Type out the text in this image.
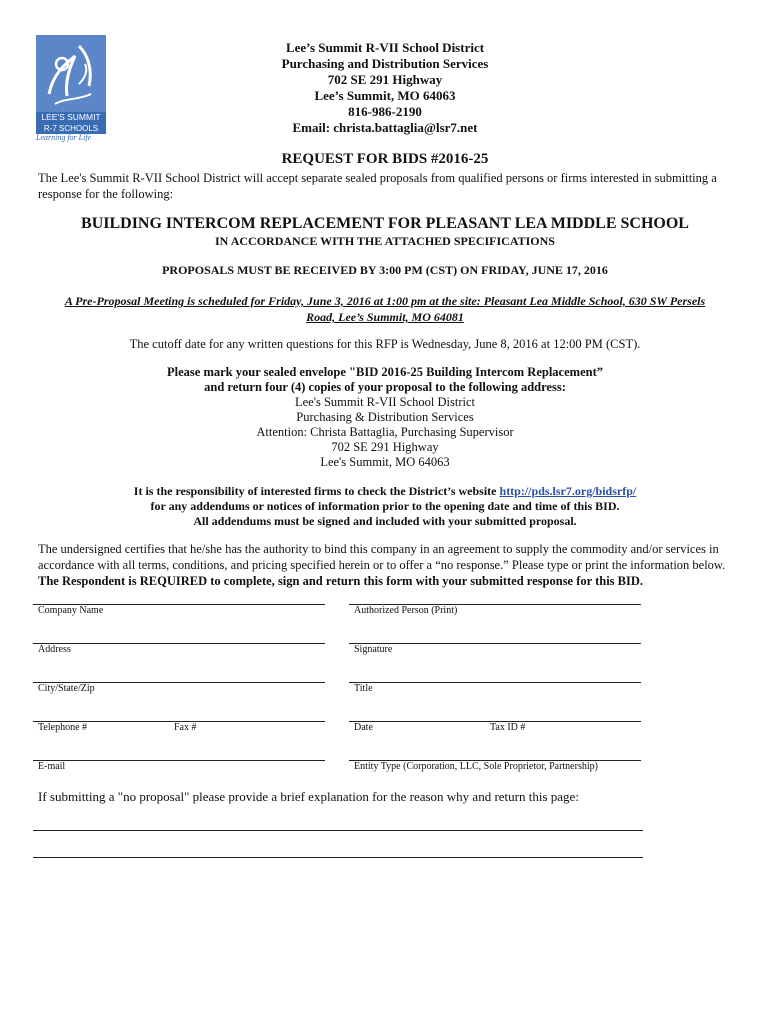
LEE'S SUMMIT
R-7 SCHOOLS
Learning for Life
Lee’s Summit R-VII School District
Purchasing and Distribution Services
702 SE 291 Highway
Lee’s Summit, MO 64063
816-986-2190
Email: christa.battaglia@lsr7.net
REQUEST FOR BIDS #2016-25
The Lee's Summit R-VII School District will accept separate sealed proposals from qualified persons or firms interested in submitting a response for the following:
BUILDING INTERCOM REPLACEMENT FOR PLEASANT LEA MIDDLE SCHOOL
IN ACCORDANCE WITH THE ATTACHED SPECIFICATIONS
PROPOSALS MUST BE RECEIVED BY 3:00 PM (CST) ON FRIDAY, JUNE 17, 2016
A Pre-Proposal Meeting is scheduled for Friday, June 3, 2016 at 1:00 pm at the site: Pleasant Lea Middle School, 630 SW Persels
Road, Lee’s Summit, MO 64081
The cutoff date for any written questions for this RFP is Wednesday, June 8, 2016 at 12:00 PM (CST).
Please mark your sealed envelope "BID 2016-25 Building Intercom Replacement”
and return four (4) copies of your proposal to the following address:
Lee's Summit R-VII School District
Purchasing & Distribution Services
Attention: Christa Battaglia, Purchasing Supervisor
702 SE 291 Highway
Lee's Summit, MO 64063
It is the responsibility of interested firms to check the District’s website http://pds.lsr7.org/bidsrfp/
for any addendums or notices of information prior to the opening date and time of this BID.
All addendums must be signed and included with your submitted proposal.
The undersigned certifies that he/she has the authority to bind this company in an agreement to supply the commodity and/or services in accordance with all terms, conditions, and pricing specified herein or to offer a “no response.” Please type or print the information below. The Respondent is REQUIRED to complete, sign and return this form with your submitted response for this BID.
Company Name	Authorized Person (Print)
Address	Signature
City/State/Zip	Title
Telephone #	Fax #	Date	Tax ID #
E-mail	Entity Type (Corporation, LLC, Sole Proprietor, Partnership)
If submitting a "no proposal" please provide a brief explanation for the reason why and return this page:
